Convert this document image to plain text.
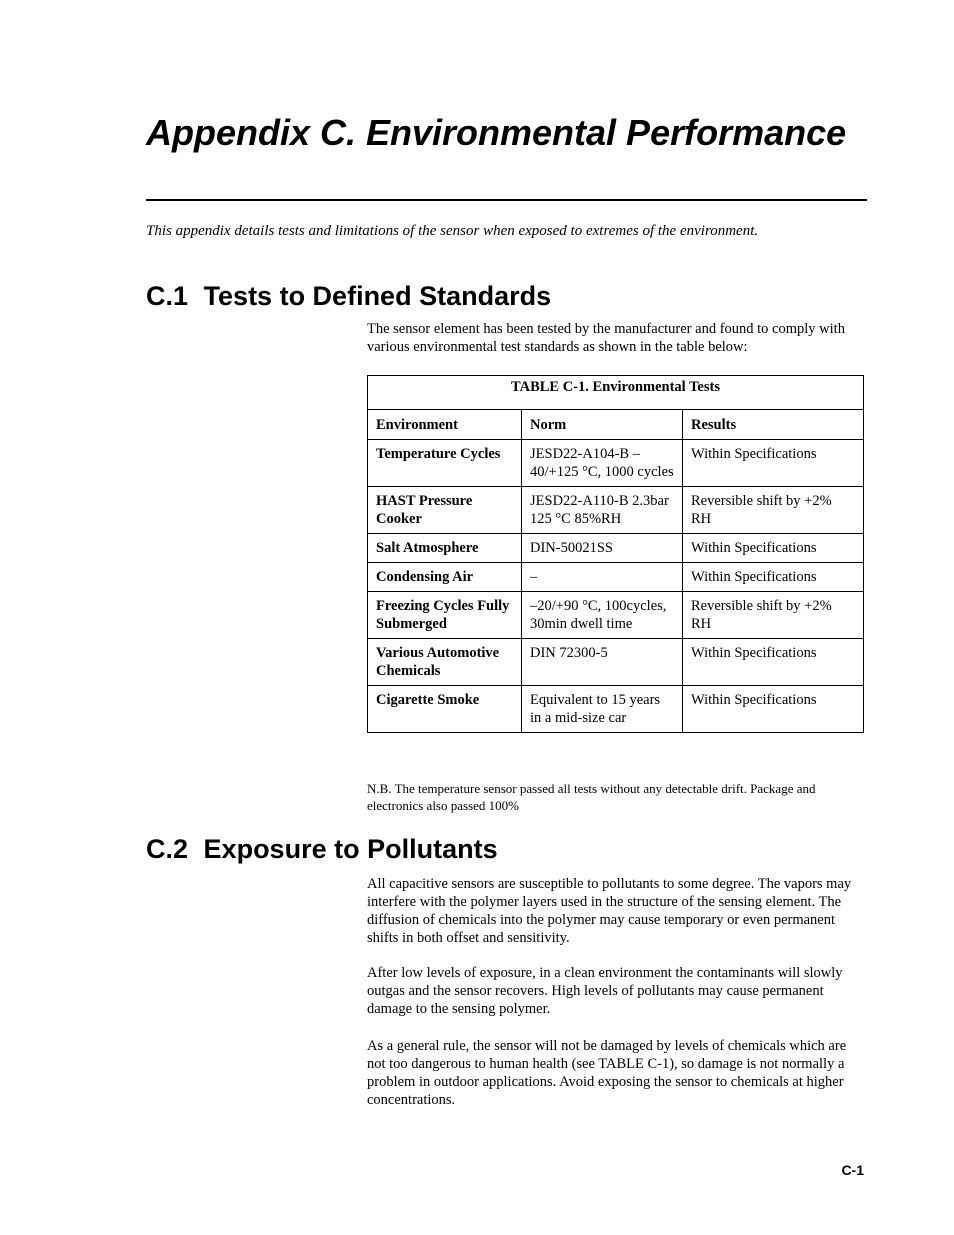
Appendix C. Environmental Performance

This appendix details tests and limitations of the sensor when exposed to extremes of the environment.

C.1 Tests to Defined Standards

The sensor element has been tested by the manufacturer and found to comply with various environmental test standards as shown in the table below:

TABLE C-1. Environmental Tests		
Environment	Norm	Results
Temperature Cycles	JESD22-A104-B –40/+125 °C, 1000 cycles	Within Specifications
HAST Pressure Cooker	JESD22-A110-B 2.3bar 125 °C 85%RH	Reversible shift by +2% RH
Salt Atmosphere	DIN-50021SS	Within Specifications
Condensing Air	–	Within Specifications
Freezing Cycles Fully Submerged	–20/+90 °C, 100cycles, 30min dwell time	Reversible shift by +2% RH
Various Automotive Chemicals	DIN 72300-5	Within Specifications
Cigarette Smoke	Equivalent to 15 years in a mid-size car	Within Specifications

N.B. The temperature sensor passed all tests without any detectable drift. Package and electronics also passed 100%

C.2 Exposure to Pollutants

All capacitive sensors are susceptible to pollutants to some degree. The vapors may interfere with the polymer layers used in the structure of the sensing element. The diffusion of chemicals into the polymer may cause temporary or even permanent shifts in both offset and sensitivity.

After low levels of exposure, in a clean environment the contaminants will slowly outgas and the sensor recovers. High levels of pollutants may cause permanent damage to the sensing polymer.

As a general rule, the sensor will not be damaged by levels of chemicals which are not too dangerous to human health (see TABLE C-1), so damage is not normally a problem in outdoor applications. Avoid exposing the sensor to chemicals at higher concentrations.

C-1
